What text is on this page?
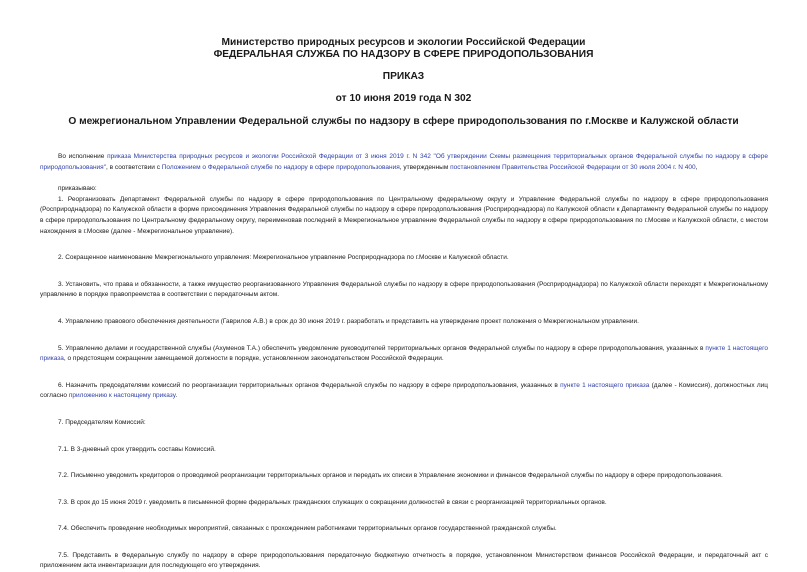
Министерство природных ресурсов и экологии Российской Федерации
ФЕДЕРАЛЬНАЯ СЛУЖБА ПО НАДЗОРУ В СФЕРЕ ПРИРОДОПОЛЬЗОВАНИЯ
ПРИКАЗ
от 10 июня 2019 года N 302
О межрегиональном Управлении Федеральной службы по надзору в сфере природопользования по г.Москве и Калужской области

Во исполнение приказа Министерства природных ресурсов и экологии Российской Федерации от 3 июня 2019 г. N 342 "Об утверждении Схемы размещения территориальных органов Федеральной службы по надзору в сфере природопользования", в соответствии с Положением о Федеральной службе по надзору в сфере природопользования, утвержденным постановлением Правительства Российской Федерации от 30 июля 2004 г. N 400,

приказываю:

1. Реорганизовать Департамент Федеральной службы по надзору в сфере природопользования по Центральному федеральному округу и Управление Федеральной службы по надзору в сфере природопользования (Росприроднадзора) по Калужской области в форме присоединения Управления Федеральной службы по надзору в сфере природопользования (Росприроднадзора) по Калужской области к Департаменту Федеральной службы по надзору в сфере природопользования по Центральному федеральному округу, переименовав последний в Межрегиональное управление Федеральной службы по надзору в сфере природопользования по г.Москве и Калужской области, с местом нахождения в г.Москве (далее - Межрегиональное управление).

2. Сокращенное наименование Межрегионального управления: Межрегиональное управление Росприроднадзора по г.Москве и Калужской области.

3. Установить, что права и обязанности, а также имущество реорганизованного Управления Федеральной службы по надзору в сфере природопользования (Росприроднадзора) по Калужской области переходят к Межрегиональному управлению в порядке правопреемства в соответствии с передаточным актом.

4. Управлению правового обеспечения деятельности (Гаврилов А.В.) в срок до 30 июня 2019 г. разработать и представить на утверждение проект положения о Межрегиональном управлении.

5. Управлению делами и государственной службы (Ахуменов Т.А.) обеспечить уведомление руководителей территориальных органов Федеральной службы по надзору в сфере природопользования, указанных в пункте 1 настоящего приказа, о предстоящем сокращении замещаемой должности в порядке, установленном законодательством Российской Федерации.

6. Назначить председателями комиссий по реорганизации территориальных органов Федеральной службы по надзору в сфере природопользования, указанных в пункте 1 настоящего приказа (далее - Комиссия), должностных лиц согласно приложению к настоящему приказу.

7. Председателям Комиссий:

7.1. В 3-дневный срок утвердить составы Комиссий.

7.2. Письменно уведомить кредиторов о проводимой реорганизации территориальных органов и передать их списки в Управление экономики и финансов Федеральной службы по надзору в сфере природопользования.

7.3. В срок до 15 июня 2019 г. уведомить в письменной форме федеральных гражданских служащих о сокращении должностей в связи с реорганизацией территориальных органов.

7.4. Обеспечить проведение необходимых мероприятий, связанных с прохождением работниками территориальных органов государственной гражданской службы.

7.5. Представить в Федеральную службу по надзору в сфере природопользования передаточную бюджетную отчетность в порядке, установленном Министерством финансов Российской Федерации, и передаточный акт с приложением акта инвентаризации для последующего его утверждения.
